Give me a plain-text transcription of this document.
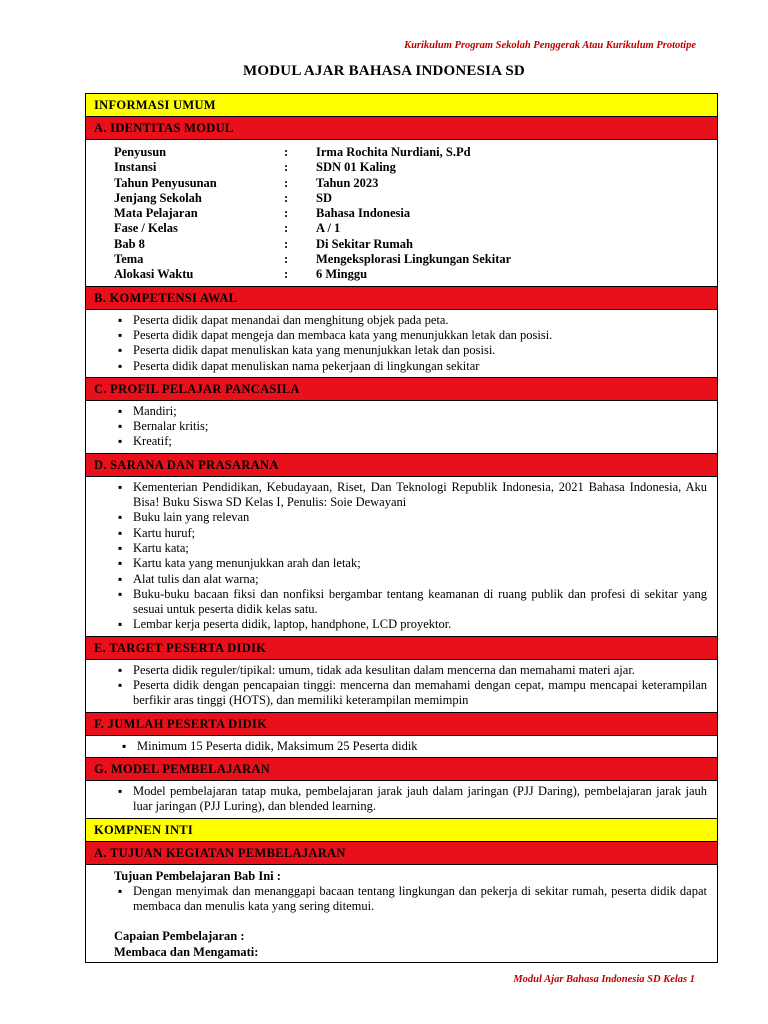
Kurikulum Program Sekolah Penggerak Atau Kurikulum Prototipe
MODUL AJAR BAHASA INDONESIA SD
INFORMASI UMUM
A. IDENTITAS MODUL
Penyusun	:	Irma Rochita Nurdiani, S.Pd
Instansi	:	SDN 01 Kaling
Tahun Penyusunan	:	Tahun 2023
Jenjang Sekolah	:	SD
Mata Pelajaran	:	Bahasa Indonesia
Fase / Kelas	:	A / 1
Bab 8	:	Di Sekitar Rumah
Tema	:	Mengeksplorasi Lingkungan Sekitar
Alokasi Waktu	:	6 Minggu
B. KOMPETENSI AWAL
▪ Peserta didik dapat menandai dan menghitung objek pada peta.
▪ Peserta didik dapat mengeja dan membaca kata yang menunjukkan letak dan posisi.
▪ Peserta didik dapat menuliskan kata yang menunjukkan letak dan posisi.
▪ Peserta didik dapat menuliskan nama pekerjaan di lingkungan sekitar
C. PROFIL PELAJAR PANCASILA
▪ Mandiri;
▪ Bernalar kritis;
▪ Kreatif;
D. SARANA DAN PRASARANA
▪ Kementerian Pendidikan, Kebudayaan, Riset, Dan Teknologi Republik Indonesia, 2021 Bahasa Indonesia, Aku Bisa! Buku Siswa SD Kelas I, Penulis: Soie Dewayani
▪ Buku lain yang relevan
▪ Kartu huruf;
▪ Kartu kata;
▪ Kartu kata yang menunjukkan arah dan letak;
▪ Alat tulis dan alat warna;
▪ Buku-buku bacaan fiksi dan nonfiksi bergambar tentang keamanan di ruang publik dan profesi di sekitar yang sesuai untuk peserta didik kelas satu.
▪ Lembar kerja peserta didik, laptop, handphone, LCD proyektor.
E. TARGET PESERTA DIDIK
▪ Peserta didik reguler/tipikal: umum, tidak ada kesulitan dalam mencerna dan memahami materi ajar.
▪ Peserta didik dengan pencapaian tinggi: mencerna dan memahami dengan cepat, mampu mencapai keterampilan berfikir aras tinggi (HOTS), dan memiliki keterampilan memimpin
F. JUMLAH PESERTA DIDIK
▪ Minimum 15 Peserta didik, Maksimum 25 Peserta didik
G. MODEL PEMBELAJARAN
▪ Model pembelajaran tatap muka, pembelajaran jarak jauh dalam jaringan (PJJ Daring), pembelajaran jarak jauh luar jaringan (PJJ Luring), dan blended learning.
KOMPNEN INTI
A. TUJUAN KEGIATAN PEMBELAJARAN
Tujuan Pembelajaran Bab Ini :
▪ Dengan menyimak dan menanggapi bacaan tentang lingkungan dan pekerja di sekitar rumah, peserta didik dapat membaca dan menulis kata yang sering ditemui.
Capaian Pembelajaran :
Membaca dan Mengamati:
Modul Ajar Bahasa Indonesia SD Kelas 1
